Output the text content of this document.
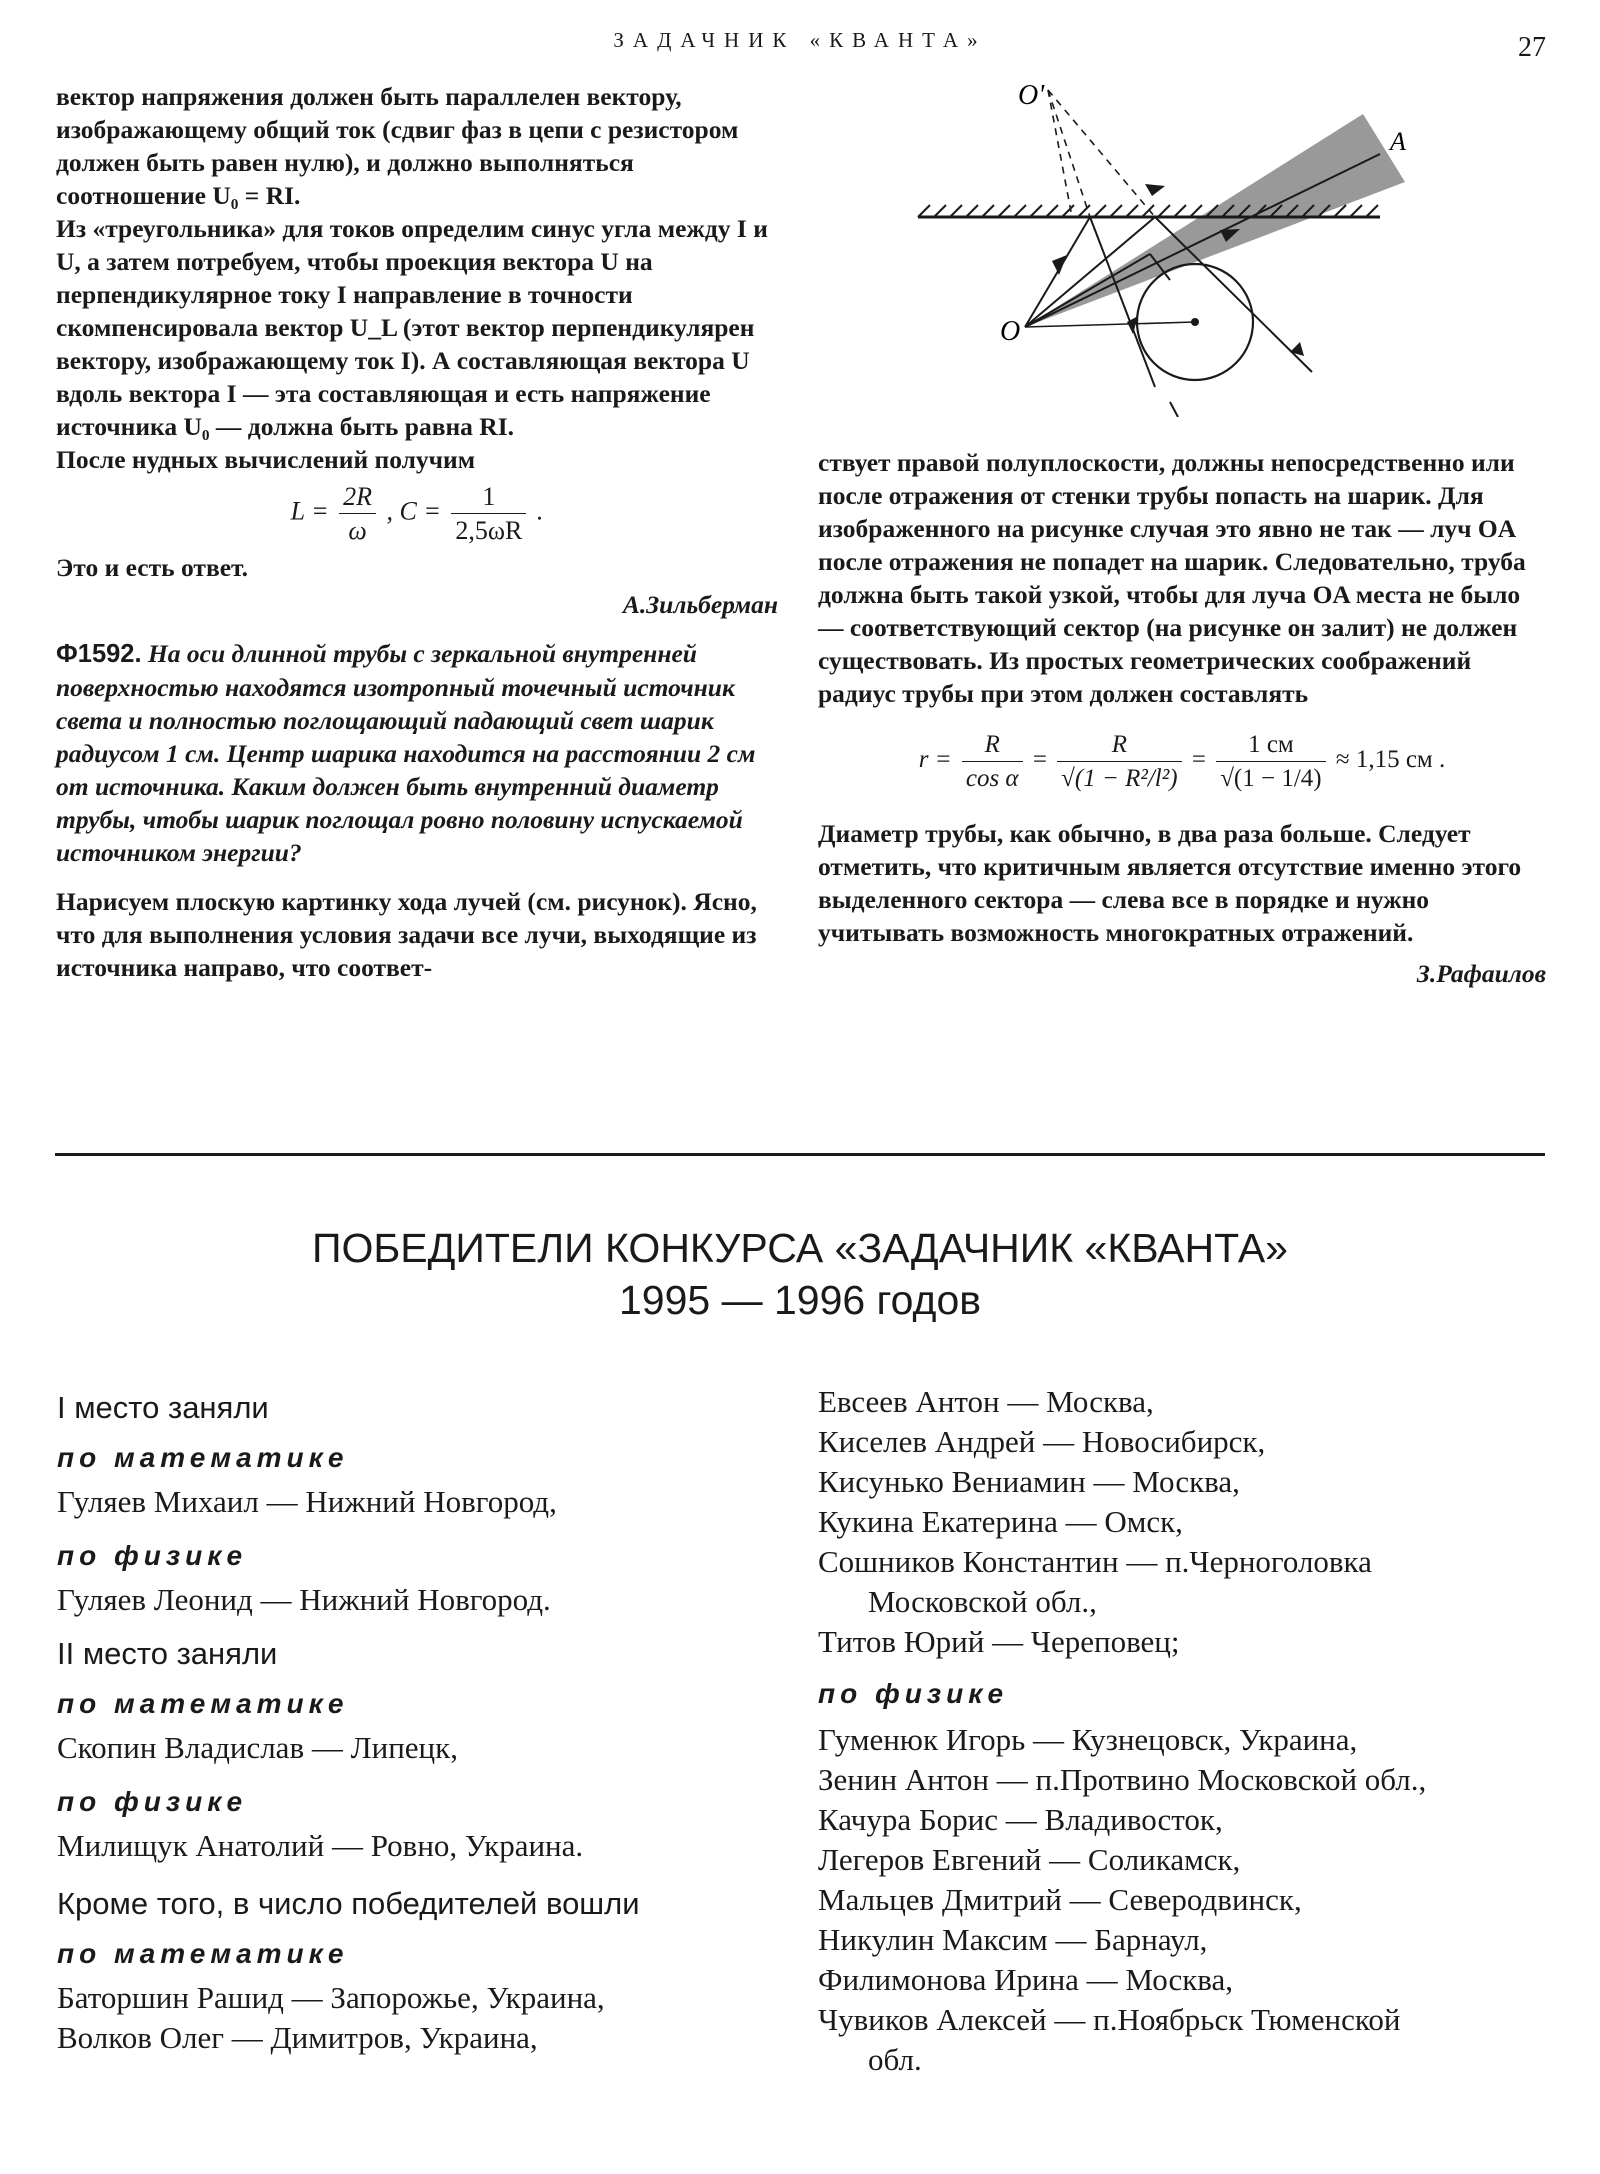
ЗАДАЧНИК «КВАНТА»	27

вектор напряжения должен быть параллелен вектору, изображающему общий ток (сдвиг фаз в цепи с резистором должен быть равен нулю), и должно выполняться соотношение U₀ = RI.

Из «треугольника» для токов определим синус угла между I и U, а затем потребуем, чтобы проекция вектора U на перпендикулярное току I направление в точности скомпенсировала вектор U_L (этот вектор перпендикулярен вектору, изображающему ток I). А составляющая вектора U вдоль вектора I — эта составляющая и есть напряжение источника U₀ — должна быть равна RI.

После нудных вычислений получим

$L = \frac{2R}{\omega}$ , $C = \frac{1}{2,5\omega R}$ .

Это и есть ответ.

А.Зильберман

Ф1592. На оси длинной трубы с зеркальной внутренней поверхностью находятся изотропный точечный источник света и полностью поглощающий падающий свет шарик радиусом 1 см. Центр шарика находится на расстоянии 2 см от источника. Каким должен быть внутренний диаметр трубы, чтобы шарик поглощал ровно половину испускаемой источником энергии?

Нарисуем плоскую картинку хода лучей (см. рисунок). Ясно, что для выполнения условия задачи все лучи, выходящие из источника направо, что соответ-

O'
O
A

ствует правой полуплоскости, должны непосредственно или после отражения от стенки трубы попасть на шарик. Для изображенного на рисунке случая это явно не так — луч OA после отражения не попадет на шарик. Следовательно, труба должна быть такой узкой, чтобы для луча OA места не было — соответствующий сектор (на рисунке он залит) не должен существовать. Из простых геометрических соображений радиус трубы при этом должен составлять

$r = \frac{R}{\text{cos α}} = \frac{R}{\text{√(1 − R²/l²)}} = \frac{1 см}{√(1 - 1/4)} \approx 1,15$ см .

Диаметр трубы, как обычно, в два раза больше. Следует отметить, что критичным является отсутствие именно этого выделенного сектора — слева все в порядке и нужно учитывать возможность многократных отражений.

З.Рафаилов

ПОБЕДИТЕЛИ КОНКУРСА «ЗАДАЧНИК «КВАНТА»
1995 — 1996 годов

I место заняли

по математике

Гуляев Михаил — Нижний Новгород,

по физике

Гуляев Леонид — Нижний Новгород.

II место заняли

по математике

Скопин Владислав — Липецк,

по физике

Милищук Анатолий — Ровно, Украина.

Кроме того, в число победителей вошли

по математике

Баторшин Рашид — Запорожье, Украина,

Волков Олег — Димитров, Украина,

Евсеев Антон — Москва,

Киселев Андрей — Новосибирск,

Кисунько Вениамин — Москва,

Кукина Екатерина — Омск,

Сошников Константин — п.Черноголовка

Московской обл.,

Титов Юрий — Череповец;

по физике

Гуменюк Игорь — Кузнецовск, Украина,

Зенин Антон — п.Протвино Московской обл.,

Качура Борис — Владивосток,

Легеров Евгений — Соликамск,

Мальцев Дмитрий — Северодвинск,

Никулин Максим — Барнаул,

Филимонова Ирина — Москва,

Чувиков Алексей — п.Ноябрьск Тюменской

обл.
